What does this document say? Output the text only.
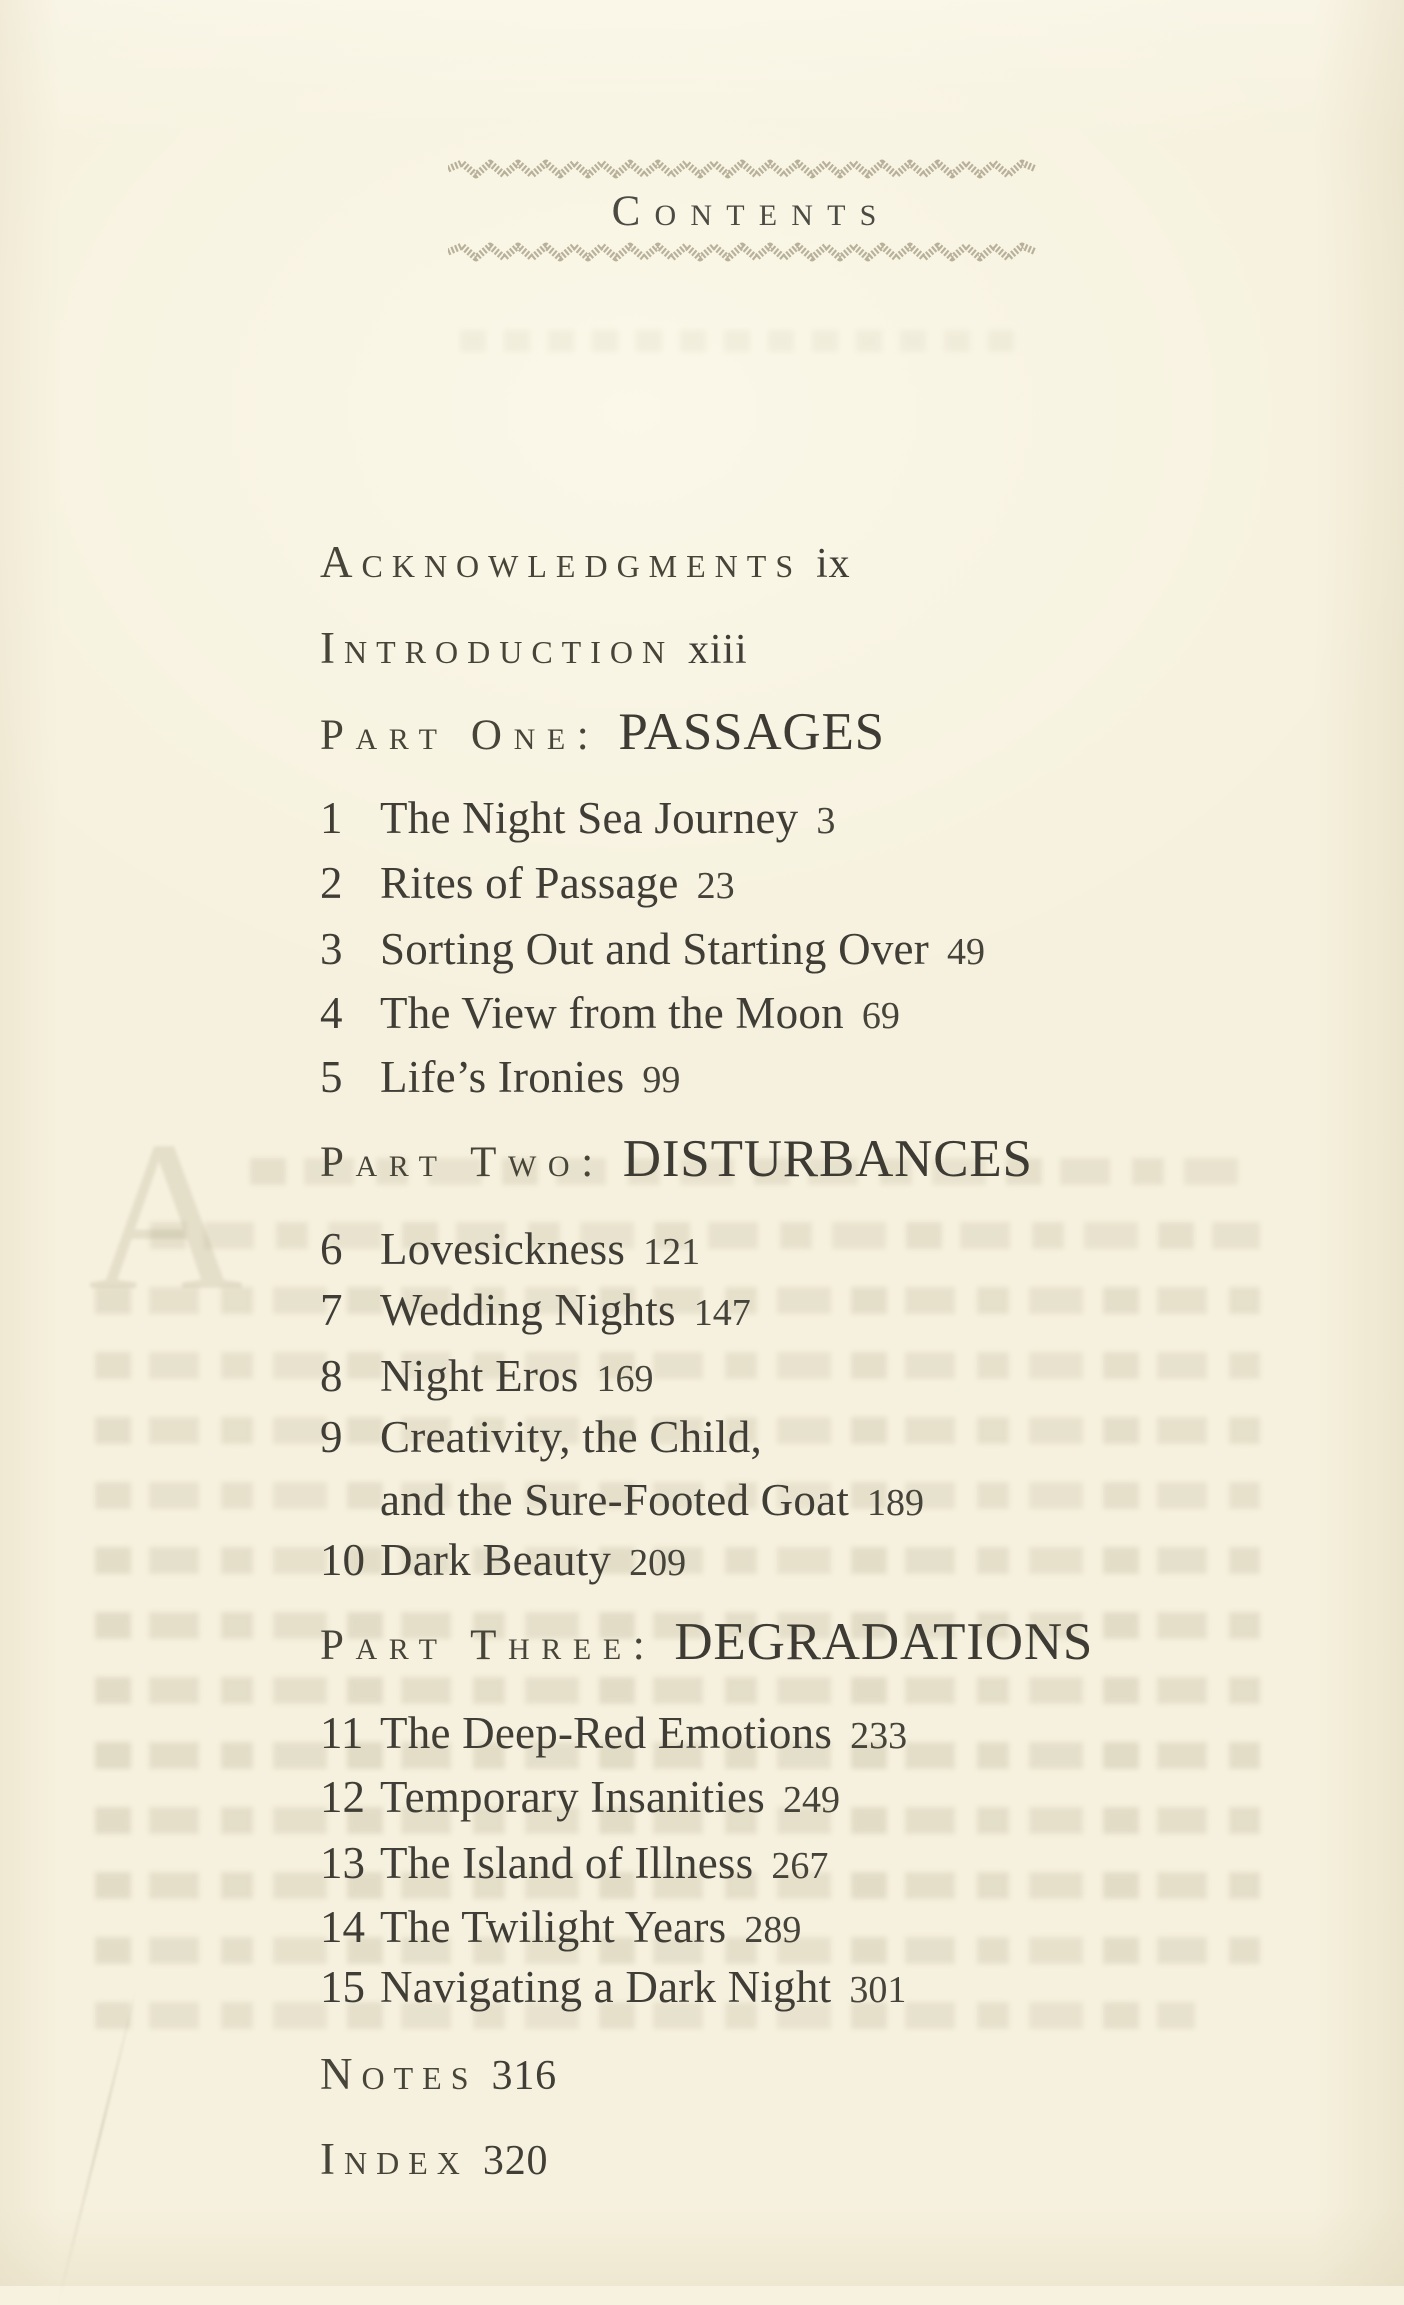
A
Contents
Acknowledgments ix
Introduction xiii
Part One: PASSAGES
1 The Night Sea Journey 3
2 Rites of Passage 23
3 Sorting Out and Starting Over 49
4 The View from the Moon 69
5 Life’s Ironies 99
Part Two: DISTURBANCES
6 Lovesickness 121
7 Wedding Nights 147
8 Night Eros 169
9 Creativity, the Child,
and the Sure-Footed Goat 189
10 Dark Beauty 209
Part Three: DEGRADATIONS
11 The Deep-Red Emotions 233
12 Temporary Insanities 249
13 The Island of Illness 267
14 The Twilight Years 289
15 Navigating a Dark Night 301
Notes 316
Index 320
